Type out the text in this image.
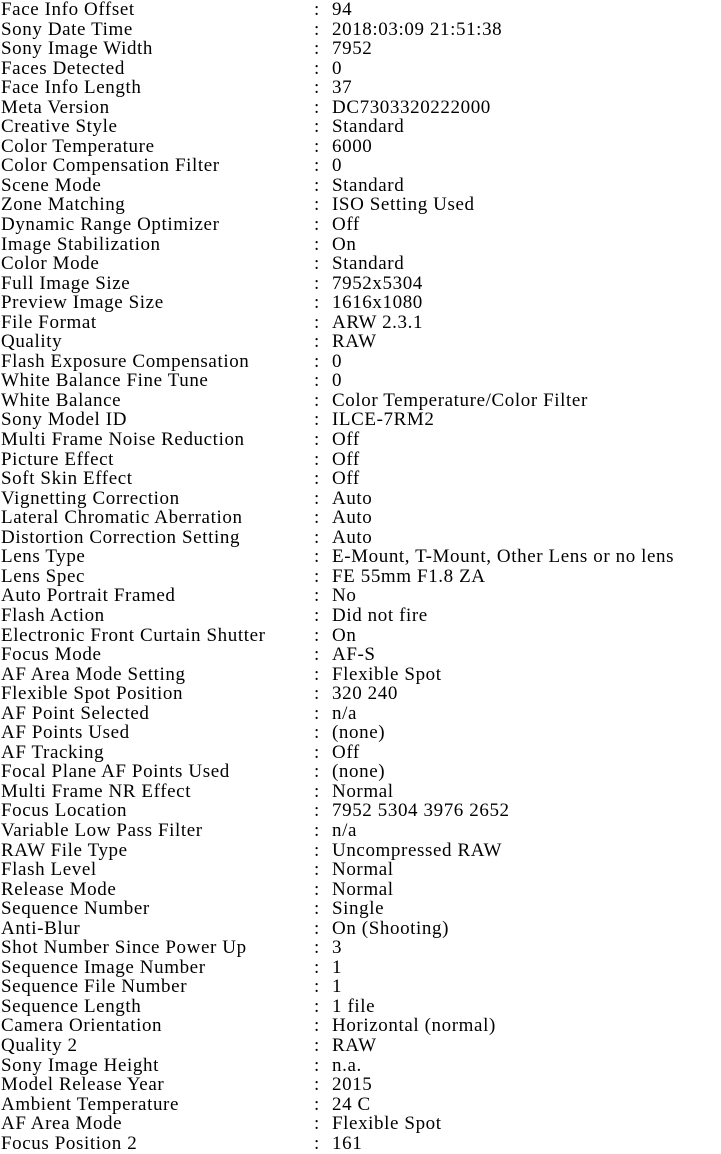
Face Info Offset	: 94
Sony Date Time	: 2018:03:09 21:51:38
Sony Image Width	: 7952
Faces Detected	: 0
Face Info Length	: 37
Meta Version	: DC7303320222000
Creative Style	: Standard
Color Temperature	: 6000
Color Compensation Filter	: 0
Scene Mode	: Standard
Zone Matching	: ISO Setting Used
Dynamic Range Optimizer	: Off
Image Stabilization	: On
Color Mode	: Standard
Full Image Size	: 7952x5304
Preview Image Size	: 1616x1080
File Format	: ARW 2.3.1
Quality	: RAW
Flash Exposure Compensation	: 0
White Balance Fine Tune	: 0
White Balance	: Color Temperature/Color Filter
Sony Model ID	: ILCE-7RM2
Multi Frame Noise Reduction	: Off
Picture Effect	: Off
Soft Skin Effect	: Off
Vignetting Correction	: Auto
Lateral Chromatic Aberration	: Auto
Distortion Correction Setting	: Auto
Lens Type	: E-Mount, T-Mount, Other Lens or no lens
Lens Spec	: FE 55mm F1.8 ZA
Auto Portrait Framed	: No
Flash Action	: Did not fire
Electronic Front Curtain Shutter	: On
Focus Mode	: AF-S
AF Area Mode Setting	: Flexible Spot
Flexible Spot Position	: 320 240
AF Point Selected	: n/a
AF Points Used	: (none)
AF Tracking	: Off
Focal Plane AF Points Used	: (none)
Multi Frame NR Effect	: Normal
Focus Location	: 7952 5304 3976 2652
Variable Low Pass Filter	: n/a
RAW File Type	: Uncompressed RAW
Flash Level	: Normal
Release Mode	: Normal
Sequence Number	: Single
Anti-Blur	: On (Shooting)
Shot Number Since Power Up	: 3
Sequence Image Number	: 1
Sequence File Number	: 1
Sequence Length	: 1 file
Camera Orientation	: Horizontal (normal)
Quality 2	: RAW
Sony Image Height	: n.a.
Model Release Year	: 2015
Ambient Temperature	: 24 C
AF Area Mode	: Flexible Spot
Focus Position 2	: 161
